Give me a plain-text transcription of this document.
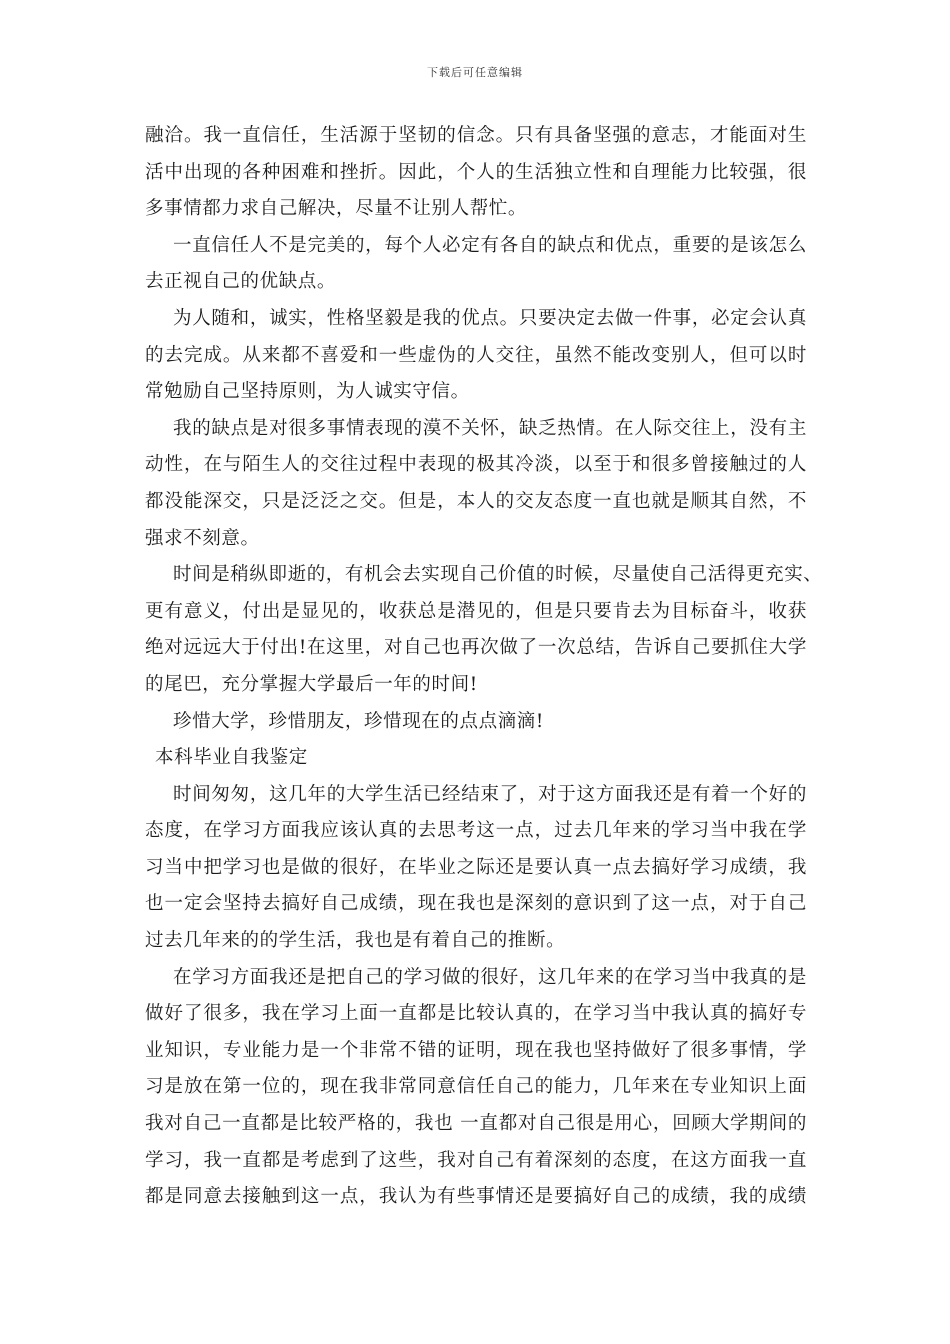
下载后可任意编辑
融洽。我一直信任，生活源于坚韧的信念。只有具备坚强的意志，才能面对生
活中出现的各种困难和挫折。因此，个人的生活独立性和自理能力比较强，很
多事情都力求自己解决，尽量不让别人帮忙。
一直信任人不是完美的，每个人必定有各自的缺点和优点，重要的是该怎么
去正视自己的优缺点。
为人随和，诚实，性格坚毅是我的优点。只要决定去做一件事，必定会认真
的去完成。从来都不喜爱和一些虚伪的人交往，虽然不能改变别人，但可以时
常勉励自己坚持原则，为人诚实守信。
我的缺点是对很多事情表现的漠不关怀，缺乏热情。在人际交往上，没有主
动性，在与陌生人的交往过程中表现的极其冷淡，以至于和很多曾接触过的人
都没能深交，只是泛泛之交。但是，本人的交友态度一直也就是顺其自然，不
强求不刻意。
时间是稍纵即逝的，有机会去实现自己价值的时候，尽量使自己活得更充实、
更有意义，付出是显见的，收获总是潜见的，但是只要肯去为目标奋斗，收获
绝对远远大于付出!在这里，对自己也再次做了一次总结，告诉自己要抓住大学
的尾巴，充分掌握大学最后一年的时间!
珍惜大学，珍惜朋友，珍惜现在的点点滴滴!
本科毕业自我鉴定
时间匆匆，这几年的大学生活已经结束了，对于这方面我还是有着一个好的
态度，在学习方面我应该认真的去思考这一点，过去几年来的学习当中我在学
习当中把学习也是做的很好，在毕业之际还是要认真一点去搞好学习成绩，我
也一定会坚持去搞好自己成绩，现在我也是深刻的意识到了这一点，对于自己
过去几年来的的学生活，我也是有着自己的推断。
在学习方面我还是把自己的学习做的很好，这几年来的在学习当中我真的是
做好了很多，我在学习上面一直都是比较认真的，在学习当中我认真的搞好专
业知识，专业能力是一个非常不错的证明，现在我也坚持做好了很多事情，学
习是放在第一位的，现在我非常同意信任自己的能力，几年来在专业知识上面
我对自己一直都是比较严格的，我也 一直都对自己很是用心，回顾大学期间的
学习，我一直都是考虑到了这些，我对自己有着深刻的态度，在这方面我一直
都是同意去接触到这一点，我认为有些事情还是要搞好自己的成绩，我的成绩
